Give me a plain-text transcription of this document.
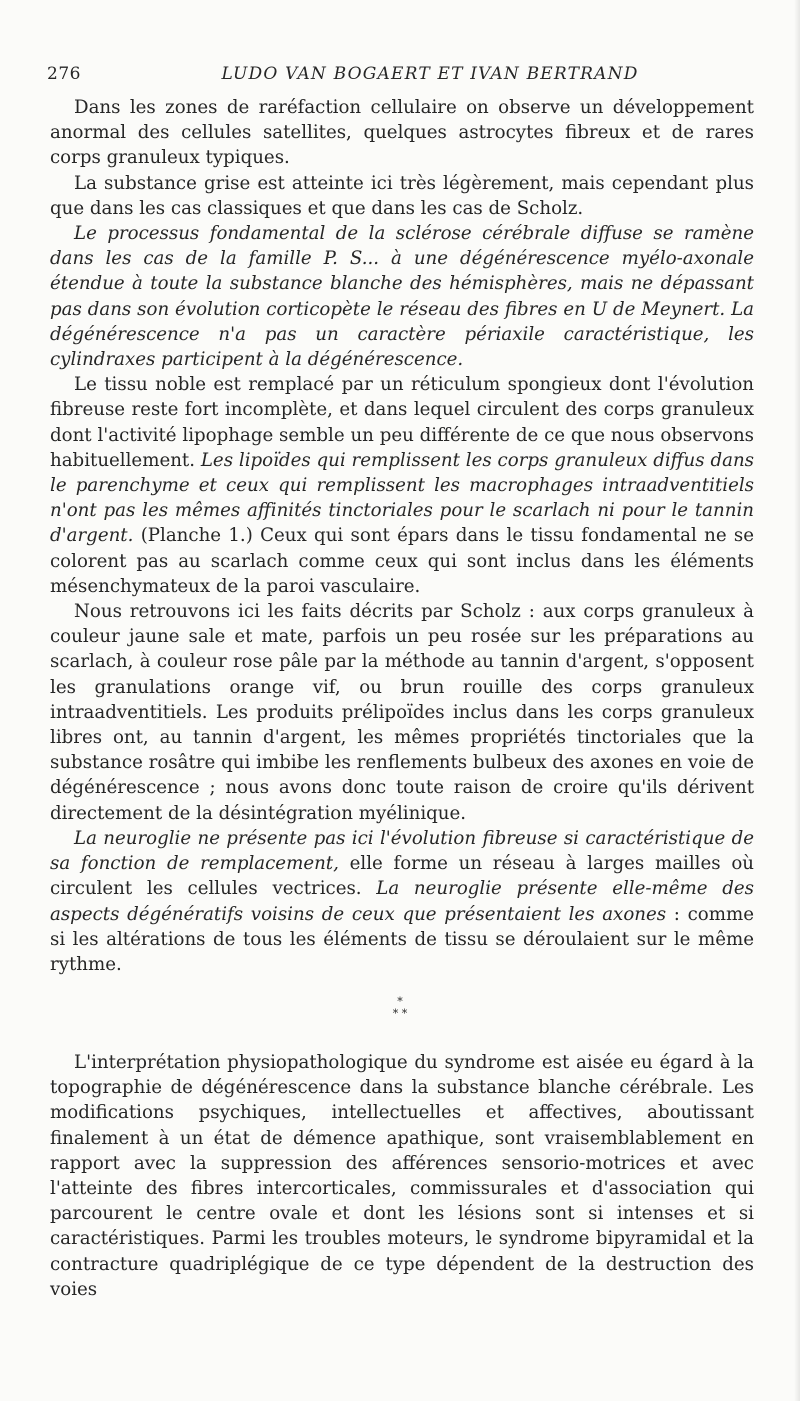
276	LUDO VAN BOGAERT ET IVAN BERTRAND

Dans les zones de raréfaction cellulaire on observe un développement anormal des cellules satellites, quelques astrocytes fibreux et de rares corps granuleux typiques.

La substance grise est atteinte ici très légèrement, mais cependant plus que dans les cas classiques et que dans les cas de Scholz.

Le processus fondamental de la sclérose cérébrale diffuse se ramène dans les cas de la famille P. S... à une dégénérescence myélo-axonale étendue à toute la substance blanche des hémisphères, mais ne dépassant pas dans son évolution corticopète le réseau des fibres en U de Meynert. La dégénérescence n'a pas un caractère périaxile caractéristique, les cylindraxes participent à la dégénérescence.

Le tissu noble est remplacé par un réticulum spongieux dont l'évolution fibreuse reste fort incomplète, et dans lequel circulent des corps granuleux dont l'activité lipophage semble un peu différente de ce que nous observons habituellement. Les lipoïdes qui remplissent les corps granuleux diffus dans le parenchyme et ceux qui remplissent les macrophages intraadventitiels n'ont pas les mêmes affinités tinctoriales pour le scarlach ni pour le tannin d'argent. (Planche 1.) Ceux qui sont épars dans le tissu fondamental ne se colorent pas au scarlach comme ceux qui sont inclus dans les éléments mésenchymateux de la paroi vasculaire.

Nous retrouvons ici les faits décrits par Scholz : aux corps granuleux à couleur jaune sale et mate, parfois un peu rosée sur les préparations au scarlach, à couleur rose pâle par la méthode au tannin d'argent, s'opposent les granulations orange vif, ou brun rouille des corps granuleux intraadventitiels. Les produits prélipoïdes inclus dans les corps granuleux libres ont, au tannin d'argent, les mêmes propriétés tinctoriales que la substance rosâtre qui imbibe les renflements bulbeux des axones en voie de dégénérescence ; nous avons donc toute raison de croire qu'ils dérivent directement de la désintégration myélinique.

La neuroglie ne présente pas ici l'évolution fibreuse si caractéristique de sa fonction de remplacement, elle forme un réseau à larges mailles où circulent les cellules vectrices. La neuroglie présente elle-même des aspects dégénératifs voisins de ceux que présentaient les axones : comme si les altérations de tous les éléments de tissu se déroulaient sur le même rythme.

*
* *

L'interprétation physiopathologique du syndrome est aisée eu égard à la topographie de dégénérescence dans la substance blanche cérébrale. Les modifications psychiques, intellectuelles et affectives, aboutissant finalement à un état de démence apathique, sont vraisemblablement en rapport avec la suppression des afférences sensorio-motrices et avec l'atteinte des fibres intercorticales, commissurales et d'association qui parcourent le centre ovale et dont les lésions sont si intenses et si caractéristiques. Parmi les troubles moteurs, le syndrome bipyramidal et la contracture quadriplégique de ce type dépendent de la destruction des voies
